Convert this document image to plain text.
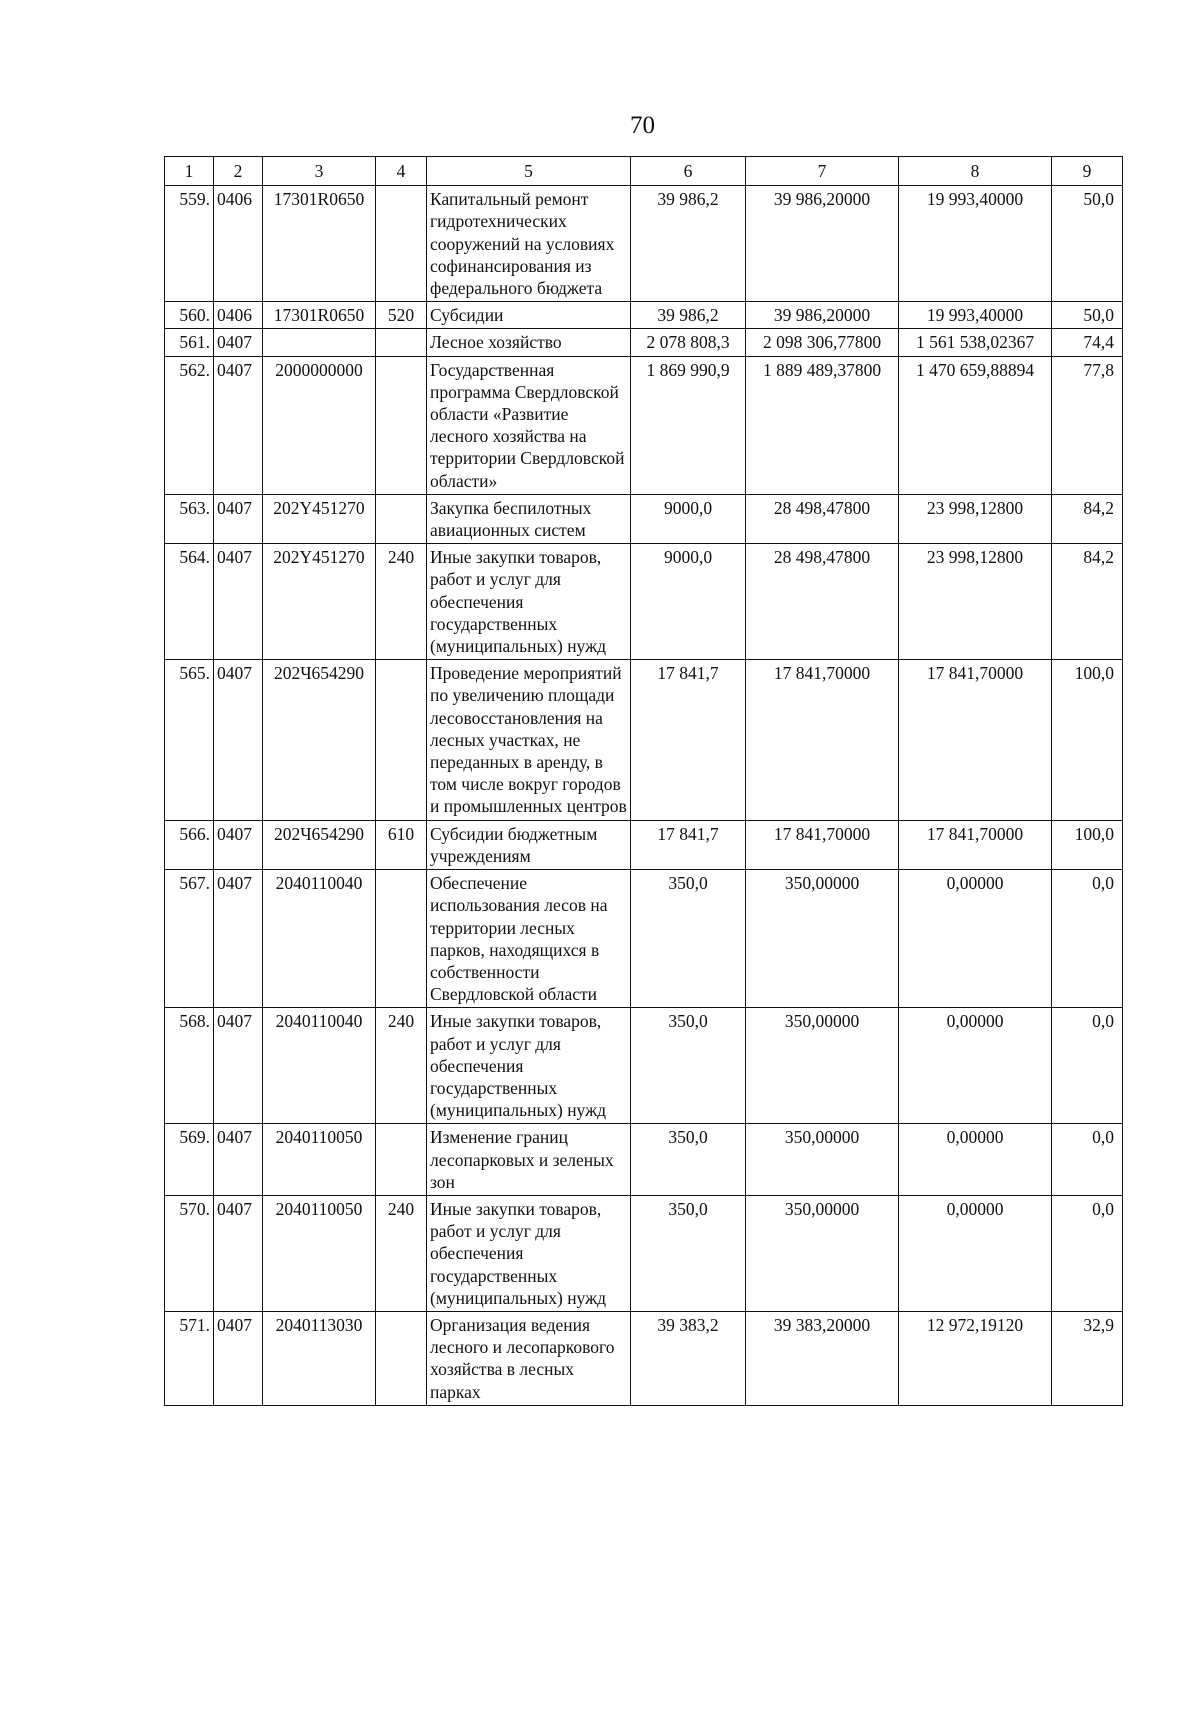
70
1	2	3	4	5	6	7	8	9
559.	0406	17301R0650		Капитальный ремонт гидротехнических сооружений на условиях софинансирования из федерального бюджета	39 986,2	39 986,20000	19 993,40000	50,0
560.	0406	17301R0650	520	Субсидии	39 986,2	39 986,20000	19 993,40000	50,0
561.	0407			Лесное хозяйство	2 078 808,3	2 098 306,77800	1 561 538,02367	74,4
562.	0407	2000000000		Государственная программа Свердловской области «Развитие лесного хозяйства на территории Свердловской области»	1 869 990,9	1 889 489,37800	1 470 659,88894	77,8
563.	0407	202Y451270		Закупка беспилотных авиационных систем	9000,0	28 498,47800	23 998,12800	84,2
564.	0407	202Y451270	240	Иные закупки товаров, работ и услуг для обеспечения государственных (муниципальных) нужд	9000,0	28 498,47800	23 998,12800	84,2
565.	0407	202Ч654290		Проведение мероприятий по увеличению площади лесовосстановления на лесных участках, не переданных в аренду, в том числе вокруг городов и промышленных центров	17 841,7	17 841,70000	17 841,70000	100,0
566.	0407	202Ч654290	610	Субсидии бюджетным учреждениям	17 841,7	17 841,70000	17 841,70000	100,0
567.	0407	2040110040		Обеспечение использования лесов на территории лесных парков, находящихся в собственности Свердловской области	350,0	350,00000	0,00000	0,0
568.	0407	2040110040	240	Иные закупки товаров, работ и услуг для обеспечения государственных (муниципальных) нужд	350,0	350,00000	0,00000	0,0
569.	0407	2040110050		Изменение границ лесопарковых и зеленых зон	350,0	350,00000	0,00000	0,0
570.	0407	2040110050	240	Иные закупки товаров, работ и услуг для обеспечения государственных (муниципальных) нужд	350,0	350,00000	0,00000	0,0
571.	0407	2040113030		Организация ведения лесного и лесопаркового хозяйства в лесных парках	39 383,2	39 383,20000	12 972,19120	32,9
